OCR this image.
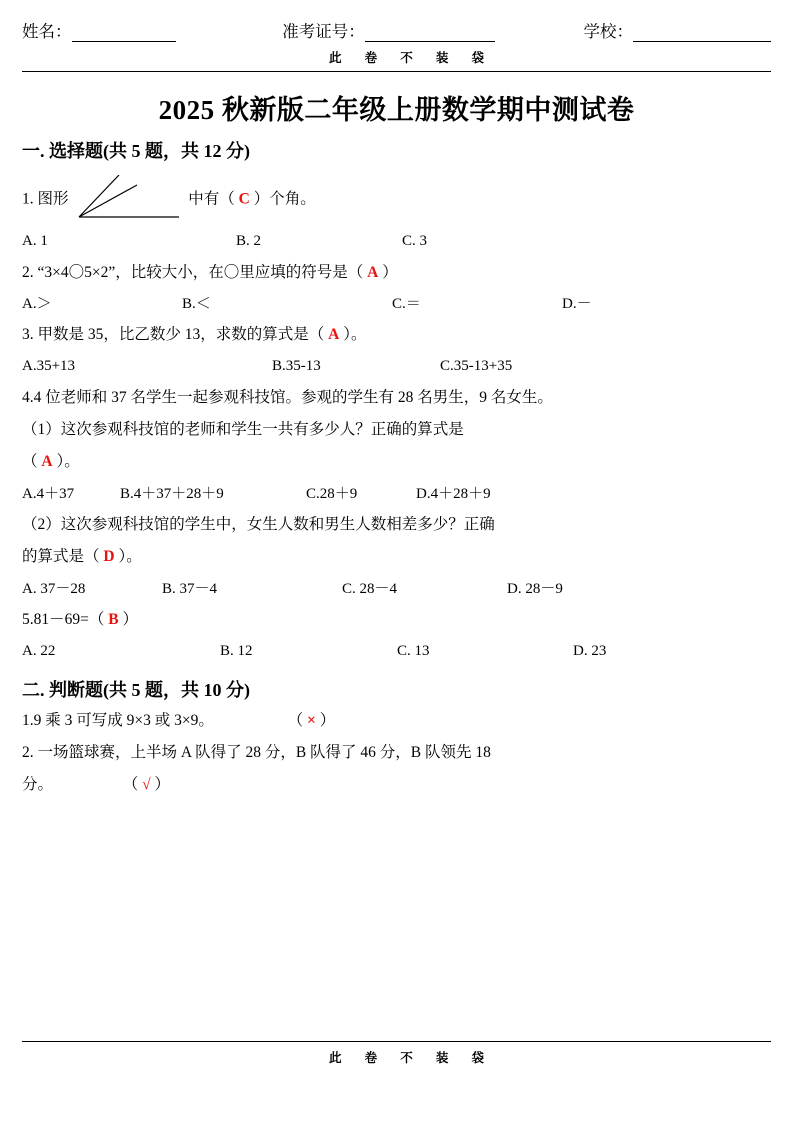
姓名：	准考证号：	学校：
此 卷 不 装 袋
2025 秋新版二年级上册数学期中测试卷
一. 选择题(共 5 题，共 12 分)
1. 图形	中有（ C ）个角。
A. 1	B. 2	C. 3
2. “3×4〇5×2”，比较大小，在〇里应填的符号是（ A ）
A.＞	B.＜	C.＝	D.－
3. 甲数是 35，比乙数少 13，求数的算式是（ A ）。
A.35+13	B.35-13	C.35-13+35
4.4 位老师和 37 名学生一起参观科技馆。参观的学生有 28 名男生，9 名女生。
（1）这次参观科技馆的老师和学生一共有多少人？正确的算式是
（ A ）。
A.4＋37	B.4＋37＋28＋9	C.28＋9	D.4＋28＋9
（2）这次参观科技馆的学生中，女生人数和男生人数相差多少？正确
的算式是（ D ）。
A. 37－28	B. 37－4	C. 28－4	D. 28－9
5.81－69=（ B ）
A. 22	B. 12	C. 13	D. 23
二. 判断题(共 5 题，共 10 分)
1.9 乘 3 可写成 9×3 或 3×9。	（ × ）
2. 一场篮球赛，上半场 A 队得了 28 分，B 队得了 46 分，B 队领先 18
分。	（ √ ）
此 卷 不 装 袋
